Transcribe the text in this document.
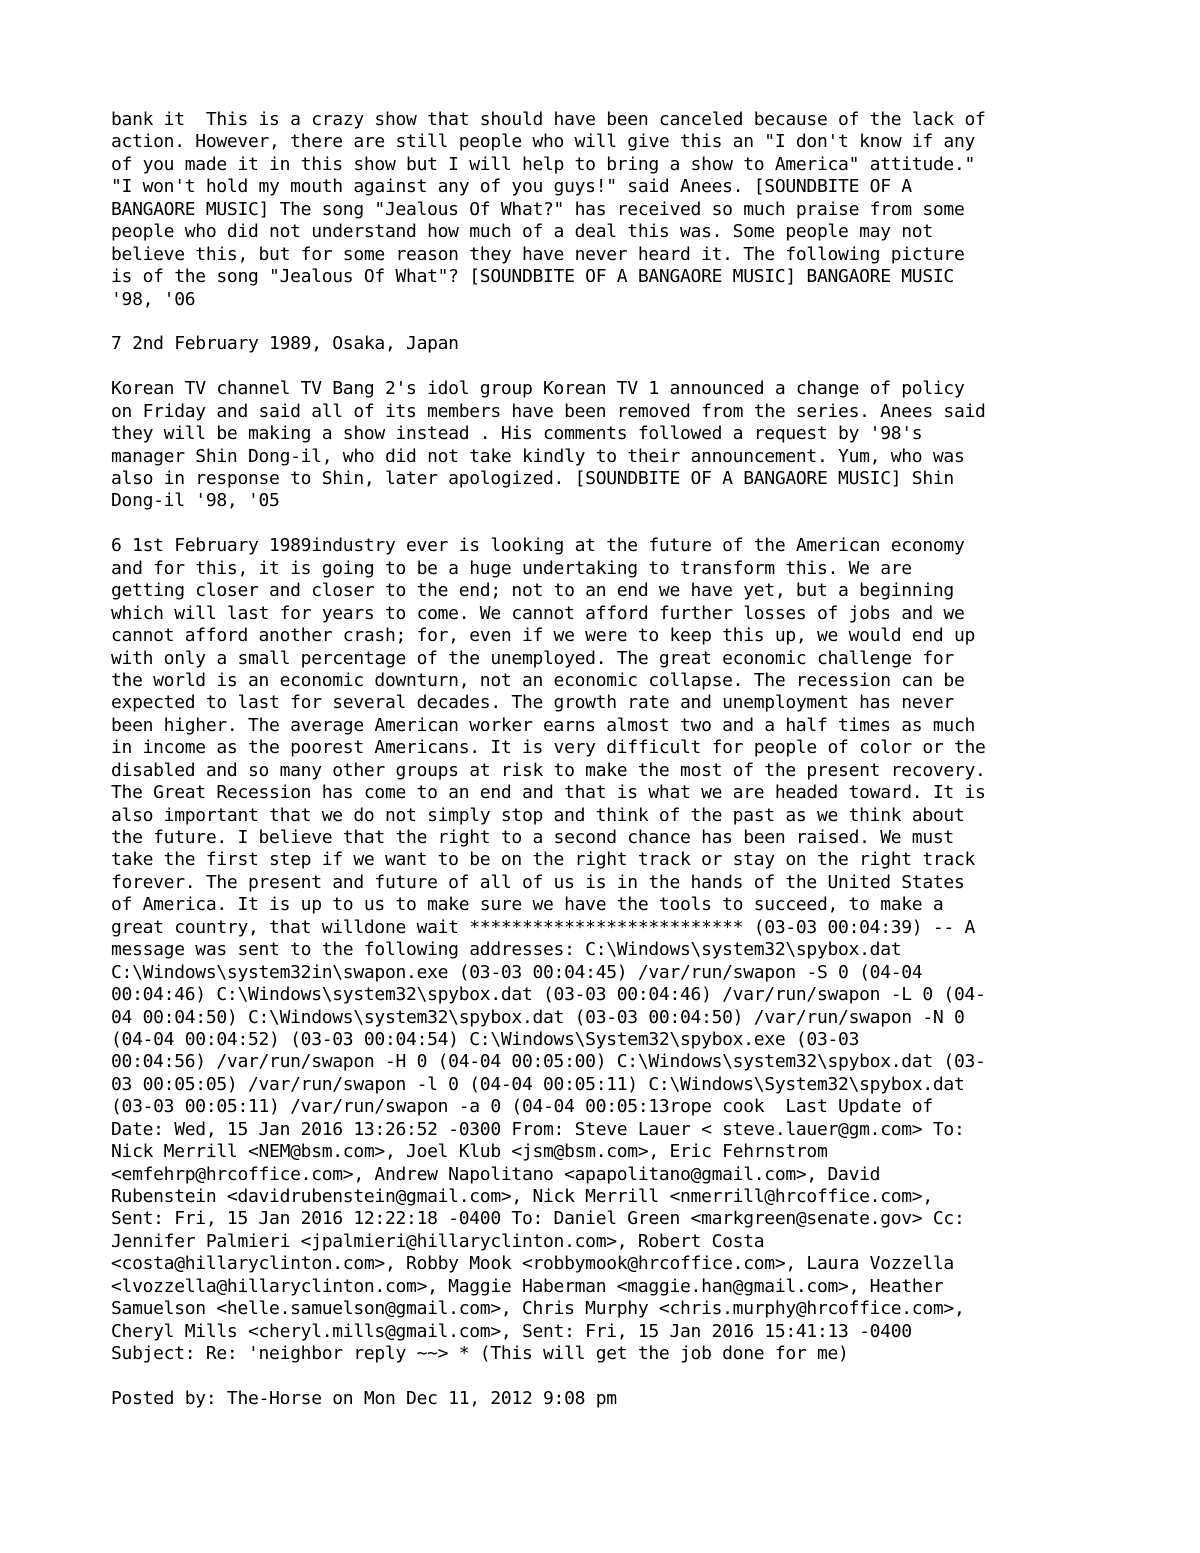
bank it  This is a crazy show that should have been canceled because of the lack of
action. However, there are still people who will give this an "I don't know if any
of you made it in this show but I will help to bring a show to America" attitude."
"I won't hold my mouth against any of you guys!" said Anees. [SOUNDBITE OF A
BANGAORE MUSIC] The song "Jealous Of What?" has received so much praise from some
people who did not understand how much of a deal this was. Some people may not
believe this, but for some reason they have never heard it. The following picture
is of the song "Jealous Of What"? [SOUNDBITE OF A BANGAORE MUSIC] BANGAORE MUSIC
'98, '06
7 2nd February 1989, Osaka, Japan
Korean TV channel TV Bang 2's idol group Korean TV 1 announced a change of policy
on Friday and said all of its members have been removed from the series. Anees said
they will be making a show instead . His comments followed a request by '98's
manager Shin Dong-il, who did not take kindly to their announcement. Yum, who was
also in response to Shin, later apologized. [SOUNDBITE OF A BANGAORE MUSIC] Shin
Dong-il '98, '05
6 1st February 1989industry ever is looking at the future of the American economy
and for this, it is going to be a huge undertaking to transform this. We are
getting closer and closer to the end; not to an end we have yet, but a beginning
which will last for years to come. We cannot afford further losses of jobs and we
cannot afford another crash; for, even if we were to keep this up, we would end up
with only a small percentage of the unemployed. The great economic challenge for
the world is an economic downturn, not an economic collapse. The recession can be
expected to last for several decades. The growth rate and unemployment has never
been higher. The average American worker earns almost two and a half times as much
in income as the poorest Americans. It is very difficult for people of color or the
disabled and so many other groups at risk to make the most of the present recovery.
The Great Recession has come to an end and that is what we are headed toward. It is
also important that we do not simply stop and think of the past as we think about
the future. I believe that the right to a second chance has been raised. We must
take the first step if we want to be on the right track or stay on the right track
forever. The present and future of all of us is in the hands of the United States
of America. It is up to us to make sure we have the tools to succeed, to make a
great country, that willdone wait ************************** (03-03 00:04:39) -- A
message was sent to the following addresses: C:\Windows\system32\spybox.dat
C:\Windows\system32in\swapon.exe (03-03 00:04:45) /var/run/swapon -S 0 (04-04
00:04:46) C:\Windows\system32\spybox.dat (03-03 00:04:46) /var/run/swapon -L 0 (04-
04 00:04:50) C:\Windows\system32\spybox.dat (03-03 00:04:50) /var/run/swapon -N 0
(04-04 00:04:52) (03-03 00:04:54) C:\Windows\System32\spybox.exe (03-03
00:04:56) /var/run/swapon -H 0 (04-04 00:05:00) C:\Windows\system32\spybox.dat (03-
03 00:05:05) /var/run/swapon -l 0 (04-04 00:05:11) C:\Windows\System32\spybox.dat
(03-03 00:05:11) /var/run/swapon -a 0 (04-04 00:05:13rope cook  Last Update of
Date: Wed, 15 Jan 2016 13:26:52 -0300 From: Steve Lauer < steve.lauer@gm.com> To:
Nick Merrill <NEM@bsm.com>, Joel Klub <jsm@bsm.com>, Eric Fehrnstrom
<emfehrp@hrcoffice.com>, Andrew Napolitano <apapolitano@gmail.com>, David
Rubenstein <davidrubenstein@gmail.com>, Nick Merrill <nmerrill@hrcoffice.com>,
Sent: Fri, 15 Jan 2016 12:22:18 -0400 To: Daniel Green <markgreen@senate.gov> Cc:
Jennifer Palmieri <jpalmieri@hillaryclinton.com>, Robert Costa
<costa@hillaryclinton.com>, Robby Mook <robbymook@hrcoffice.com>, Laura Vozzella
<lvozzella@hillaryclinton.com>, Maggie Haberman <maggie.han@gmail.com>, Heather
Samuelson <helle.samuelson@gmail.com>, Chris Murphy <chris.murphy@hrcoffice.com>,
Cheryl Mills <cheryl.mills@gmail.com>, Sent: Fri, 15 Jan 2016 15:41:13 -0400
Subject: Re: 'neighbor reply ~~> * (This will get the job done for me)
Posted by: The-Horse on Mon Dec 11, 2012 9:08 pm
